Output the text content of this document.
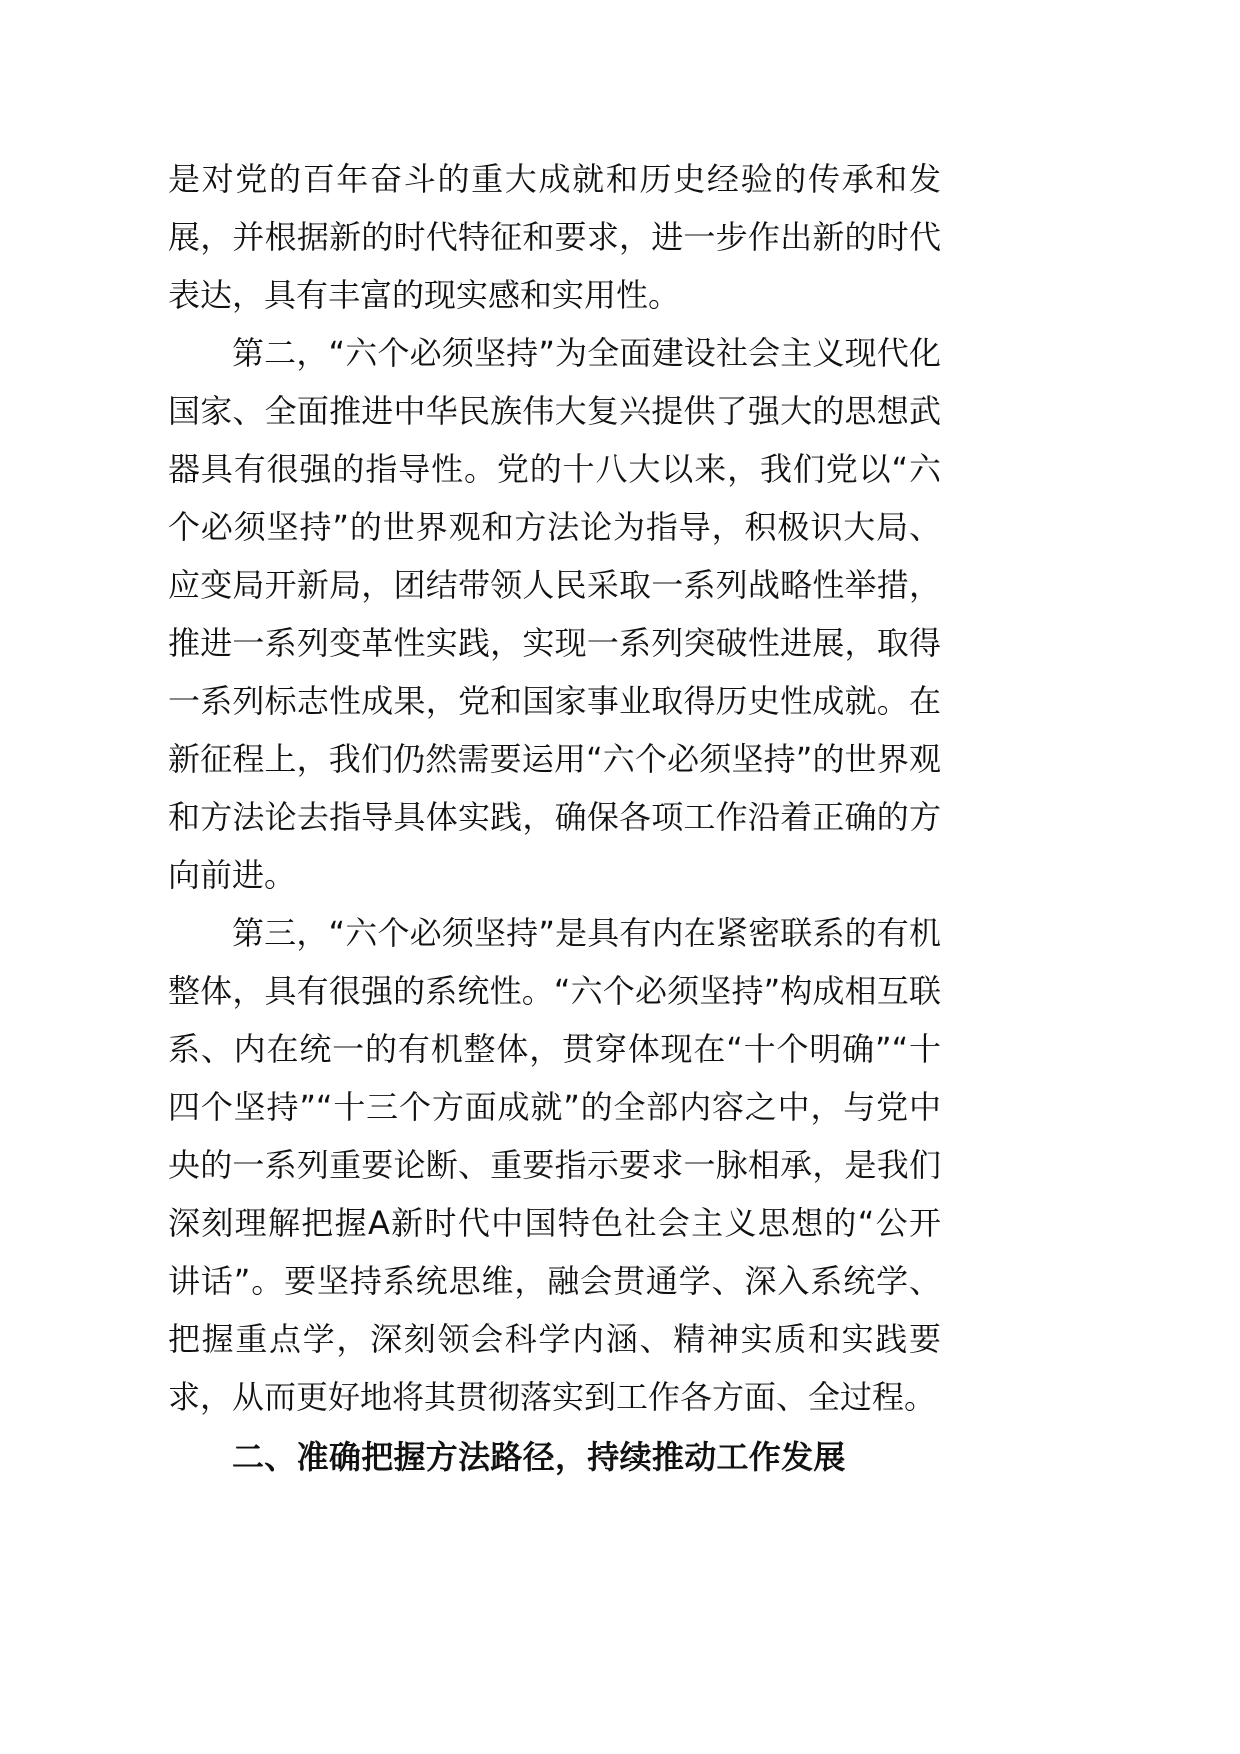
是对党的百年奋斗的重大成就和历史经验的传承和发展，并根据新的时代特征和要求，进一步作出新的时代表达，具有丰富的现实感和实用性。

第二，“六个必须坚持”为全面建设社会主义现代化国家、全面推进中华民族伟大复兴提供了强大的思想武器具有很强的指导性。党的十八大以来，我们党以“六个必须坚持”的世界观和方法论为指导，积极识大局、应变局开新局，团结带领人民采取一系列战略性举措，推进一系列变革性实践，实现一系列突破性进展，取得一系列标志性成果，党和国家事业取得历史性成就。在新征程上，我们仍然需要运用“六个必须坚持”的世界观和方法论去指导具体实践，确保各项工作沿着正确的方向前进。

第三，“六个必须坚持”是具有内在紧密联系的有机整体，具有很强的系统性。“六个必须坚持”构成相互联系、内在统一的有机整体，贯穿体现在“十个明确”“十四个坚持”“十三个方面成就”的全部内容之中，与党中央的一系列重要论断、重要指示要求一脉相承，是我们深刻理解把握A新时代中国特色社会主义思想的“公开讲话”。要坚持系统思维，融会贯通学、深入系统学、把握重点学，深刻领会科学内涵、精神实质和实践要求，从而更好地将其贯彻落实到工作各方面、全过程。

二、准确把握方法路径，持续推动工作发展
